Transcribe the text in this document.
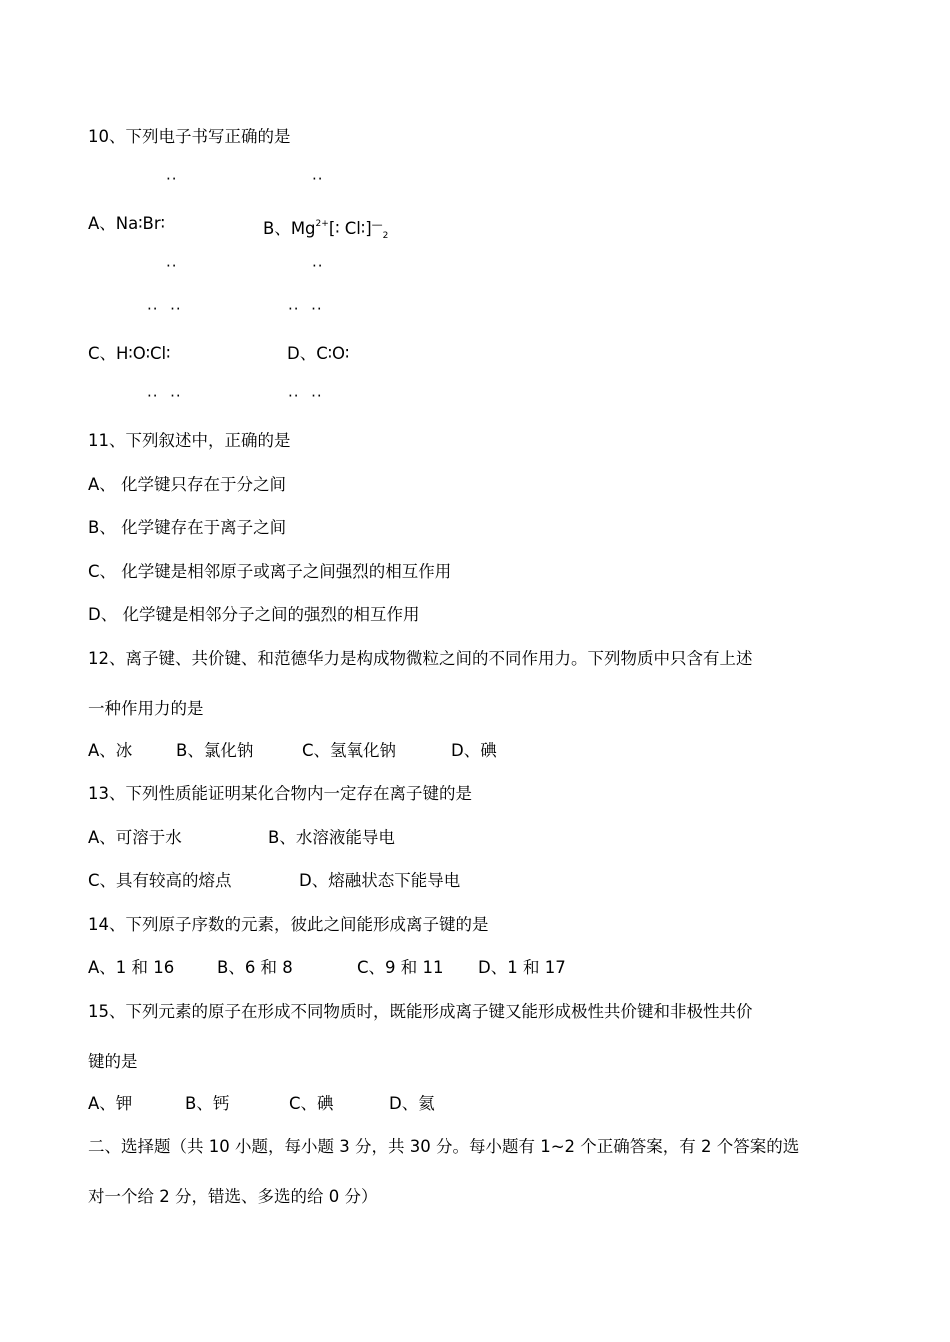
10、下列电子书写正确的是
··	··
A、Na∶Br∶	B、$Mg^{2+}[∶$ $Cl∶]^—_2$
··	··
··  ··	··  ··
C、H∶O∶Cl∶	D、C∶O∶
··  ··	··  ··
11、下列叙述中，正确的是
A、 化学键只存在于分之间
B、 化学键存在于离子之间
C、 化学键是相邻原子或离子之间强烈的相互作用
D、 化学键是相邻分子之间的强烈的相互作用
12、离子键、共价键、和范德华力是构成物微粒之间的不同作用力。下列物质中只含有上述
一种作用力的是
A、冰	B、氯化钠	C、氢氧化钠	D、碘
13、下列性质能证明某化合物内一定存在离子键的是
A、可溶于水	B、水溶液能导电
C、具有较高的熔点	D、熔融状态下能导电
14、下列原子序数的元素，彼此之间能形成离子键的是
A、1 和 16	B、6 和 8	C、9 和 11 D、1 和 17
15、下列元素的原子在形成不同物质时，既能形成离子键又能形成极性共价键和非极性共价
键的是
A、钾	B、钙	C、碘	D、氦
二、选择题（共 10 小题，每小题 3 分，共 30 分。每小题有 1~2 个正确答案，有 2 个答案的选
对一个给 2 分，错选、多选的给 0 分）
